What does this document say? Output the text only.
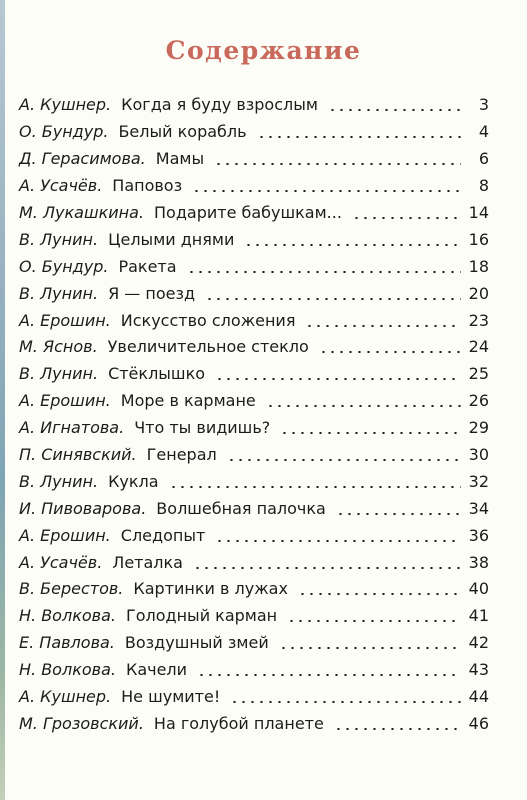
Содержание
А. Кушнер. Когда я буду взрослым	3
О. Бундур. Белый корабль	4
Д. Герасимова. Мамы	6
А. Усачёв. Паповоз	8
М. Лукашкина. Подарите бабушкам...	14
В. Лунин. Целыми днями	16
О. Бундур. Ракета	18
В. Лунин. Я — поезд	20
А. Ерошин. Искусство сложения	23
М. Яснов. Увеличительное стекло	24
В. Лунин. Стёклышко	25
А. Ерошин. Море в кармане	26
А. Игнатова. Что ты видишь?	29
П. Синявский. Генерал	30
В. Лунин. Кукла	32
И. Пивоварова. Волшебная палочка	34
А. Ерошин. Следопыт	36
А. Усачёв. Леталка	38
В. Берестов. Картинки в лужах	40
Н. Волкова. Голодный карман	41
Е. Павлова. Воздушный змей	42
Н. Волкова. Качели	43
А. Кушнер. Не шумите!	44
М. Грозовский. На голубой планете	46
